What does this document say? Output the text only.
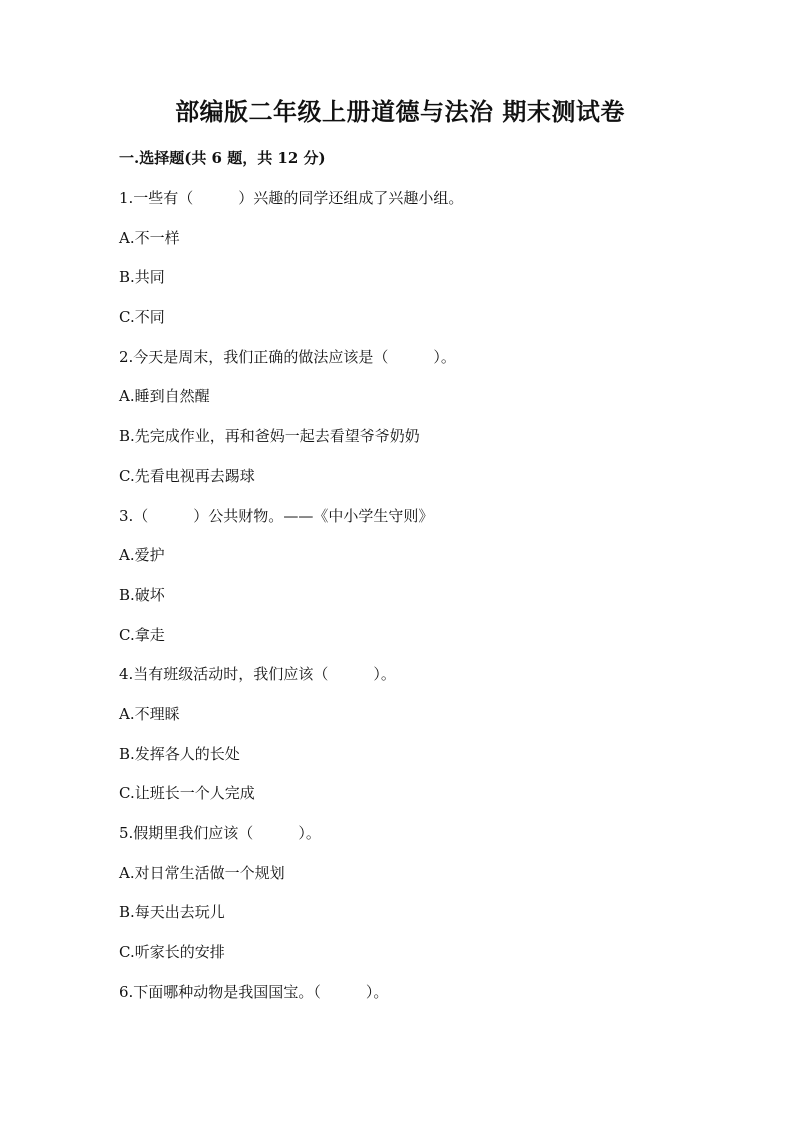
部编版二年级上册道德与法治 期末测试卷
一.选择题(共 6 题，共 12 分)
1.一些有（　　　）兴趣的同学还组成了兴趣小组。
A.不一样
B.共同
C.不同
2.今天是周末，我们正确的做法应该是（　　　）。
A.睡到自然醒
B.先完成作业，再和爸妈一起去看望爷爷奶奶
C.先看电视再去踢球
3.（　　　）公共财物。——《中小学生守则》
A.爱护
B.破坏
C.拿走
4.当有班级活动时，我们应该（　　　）。
A.不理睬
B.发挥各人的长处
C.让班长一个人完成
5.假期里我们应该（　　　）。
A.对日常生活做一个规划
B.每天出去玩儿
C.听家长的安排
6.下面哪种动物是我国国宝。（　　　）。
